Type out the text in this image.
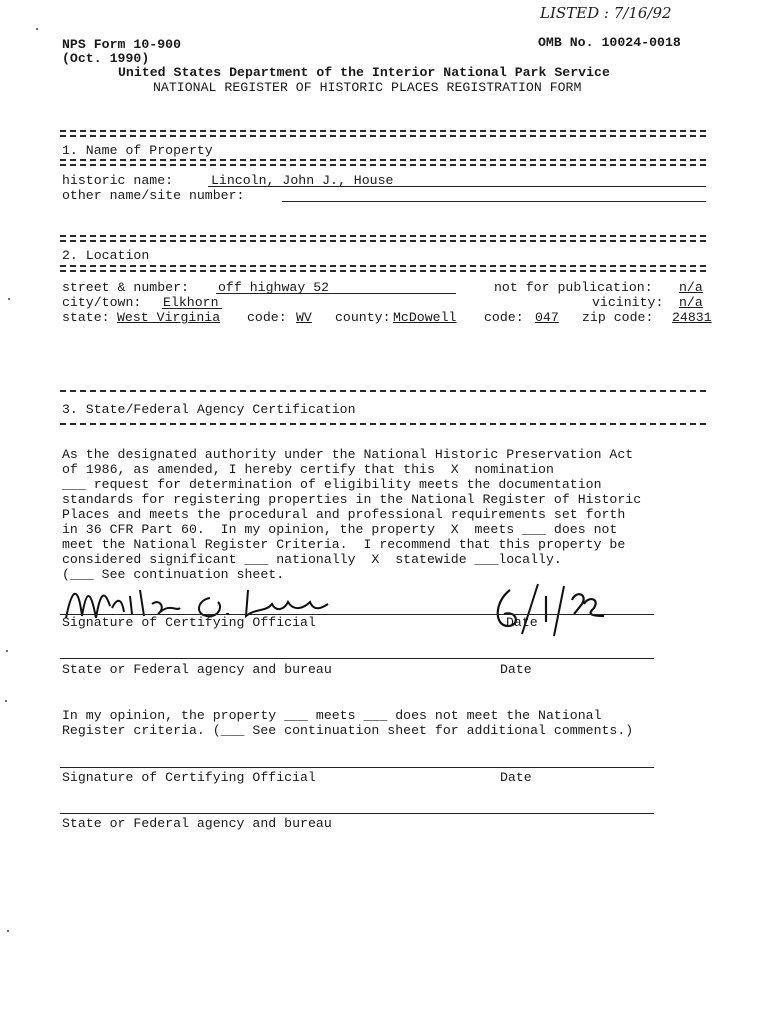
LISTED : 7/16/92
NPS Form 10-900	OMB No. 10024-0018
(Oct. 1990)
United States Department of the Interior National Park Service
NATIONAL REGISTER OF HISTORIC PLACES REGISTRATION FORM
1. Name of Property
historic name:	Lincoln, John J., House
other name/site number:
2. Location
street & number: off highway 52	not for publication: n/a
city/town: Elkhorn	vicinity: n/a
state: West Virginia code: WV county: McDowell code: 047 zip code: 24831
3. State/Federal Agency Certification
As the designated authority under the National Historic Preservation Act
of 1986, as amended, I hereby certify that this  X  nomination
___ request for determination of eligibility meets the documentation
standards for registering properties in the National Register of Historic
Places and meets the procedural and professional requirements set forth
in 36 CFR Part 60.  In my opinion, the property  X  meets ___ does not
meet the National Register Criteria.  I recommend that this property be
considered significant ___ nationally  X  statewide ___locally.
(___ See continuation sheet.
Signature of Certifying Official	Date
State or Federal agency and bureau	Date
In my opinion, the property ___ meets ___ does not meet the National
Register criteria. (___ See continuation sheet for additional comments.)
Signature of Certifying Official	Date
State or Federal agency and bureau
